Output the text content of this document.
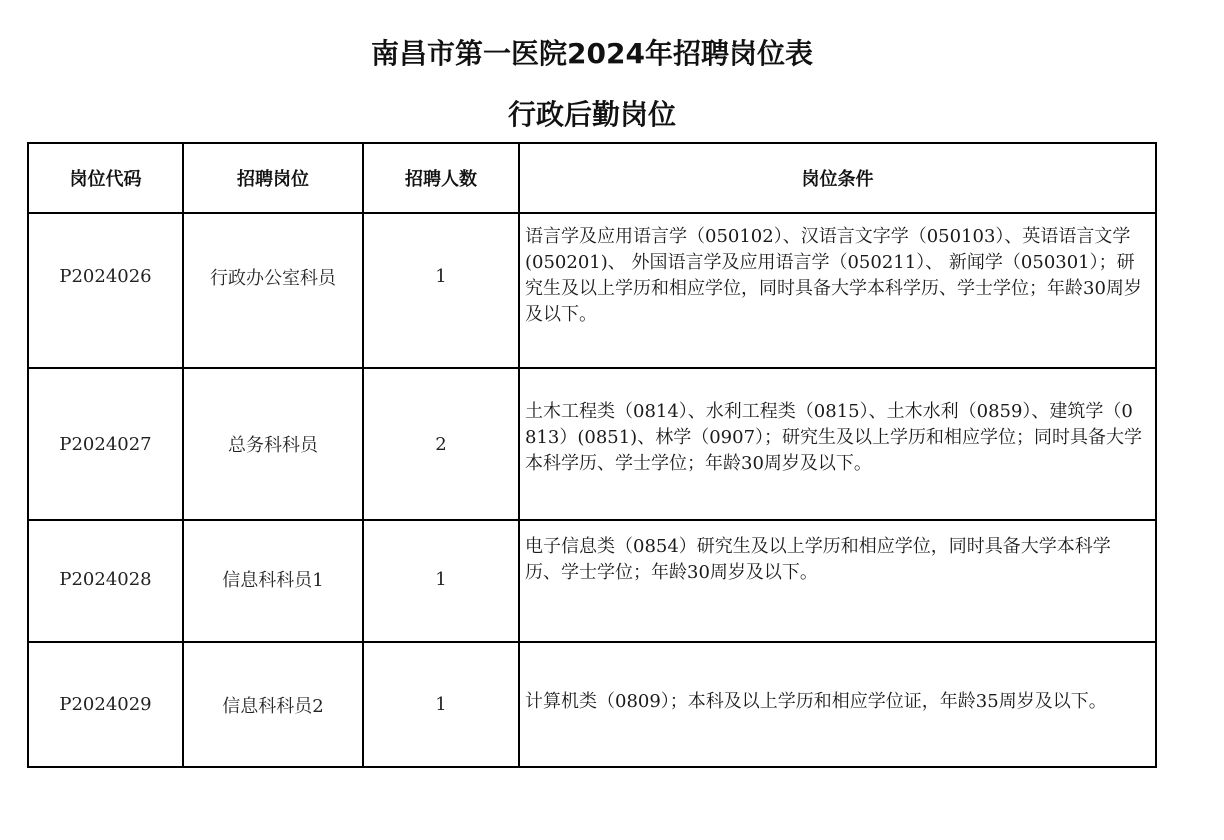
南昌市第一医院2024年招聘岗位表
行政后勤岗位
岗位代码	招聘岗位	招聘人数	岗位条件

P2024026	行政办公室科员	1	语言学及应用语言学（050102）、汉语言文字学（050103）、英语语言文学(050201)、 外国语言学及应用语言学（050211）、 新闻学（050301）；研究生及以上学历和相应学位，同时具备大学本科学历、学士学位；年龄30周岁及以下。

P2024027	总务科科员	2	土木工程类（0814）、水利工程类（0815）、土木水利（0859）、建筑学（0813）(0851)、林学（0907）；研究生及以上学历和相应学位；同时具备大学本科学历、学士学位；年龄30周岁及以下。

P2024028	信息科科员1	1	电子信息类（0854）研究生及以上学历和相应学位，同时具备大学本科学历、学士学位；年龄30周岁及以下。

P2024029	信息科科员2	1	计算机类（0809）；本科及以上学历和相应学位证，年龄35周岁及以下。
